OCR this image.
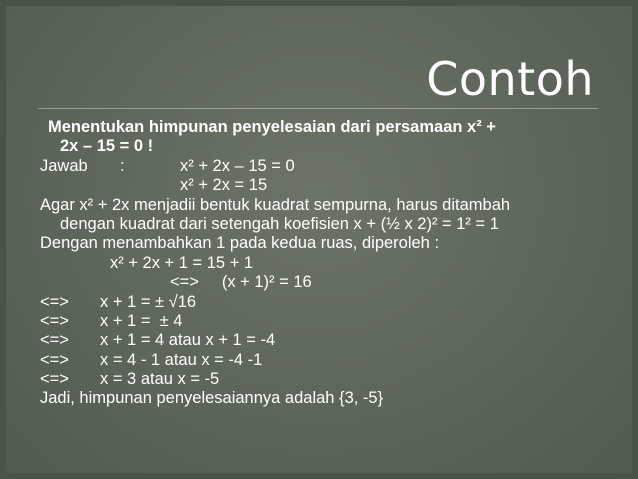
Contoh
Menentukan himpunan penyelesaian dari persamaan x² +
2x – 15 = 0 !
Jawab :	x² + 2x – 15 = 0
x² + 2x = 15
Agar x² + 2x menjadii bentuk kuadrat sempurna, harus ditambah
dengan kuadrat dari setengah koefisien x + (½ x 2)² = 1² = 1
Dengan menambahkan 1 pada kedua ruas, diperoleh :
x² + 2x + 1 = 15 + 1
<=>     (x + 1)² = 16
<=> x + 1 = ± √16
<=> x + 1 =  ± 4
<=> x + 1 = 4 atau x + 1 = -4
<=> x = 4 - 1 atau x = -4 -1
<=> x = 3 atau x = -5
Jadi, himpunan penyelesaiannya adalah {3, -5}
